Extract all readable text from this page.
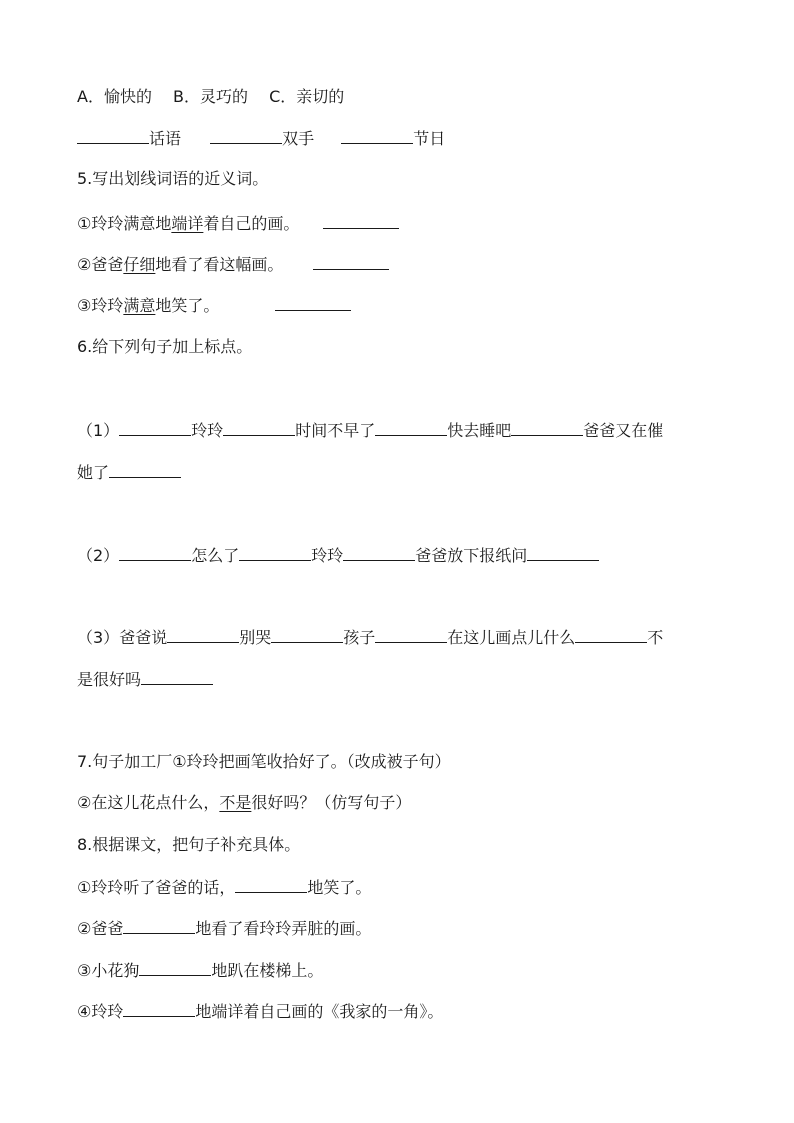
A．愉快的 B．灵巧的 C．亲切的
话语	双手	节日
5.写出划线词语的近义词。
①玲玲满意地端详着自己的画。
②爸爸仔细地看了看这幅画。
③玲玲满意地笑了。
6.给下列句子加上标点。
（1）	玲玲	时间不早了	快去睡吧	爸爸又在催
她了
（2）	怎么了	玲玲	爸爸放下报纸问
（3）爸爸说	别哭	孩子	在这儿画点儿什么	不
是很好吗
7.句子加工厂①玲玲把画笔收拾好了。（改成被子句）
②在这儿花点什么，不是很好吗？（仿写句子）
8.根据课文，把句子补充具体。
①玲玲听了爸爸的话，	地笑了。
②爸爸	地看了看玲玲弄脏的画。
③小花狗	地趴在楼梯上。
④玲玲	地端详着自己画的《我家的一角》。
